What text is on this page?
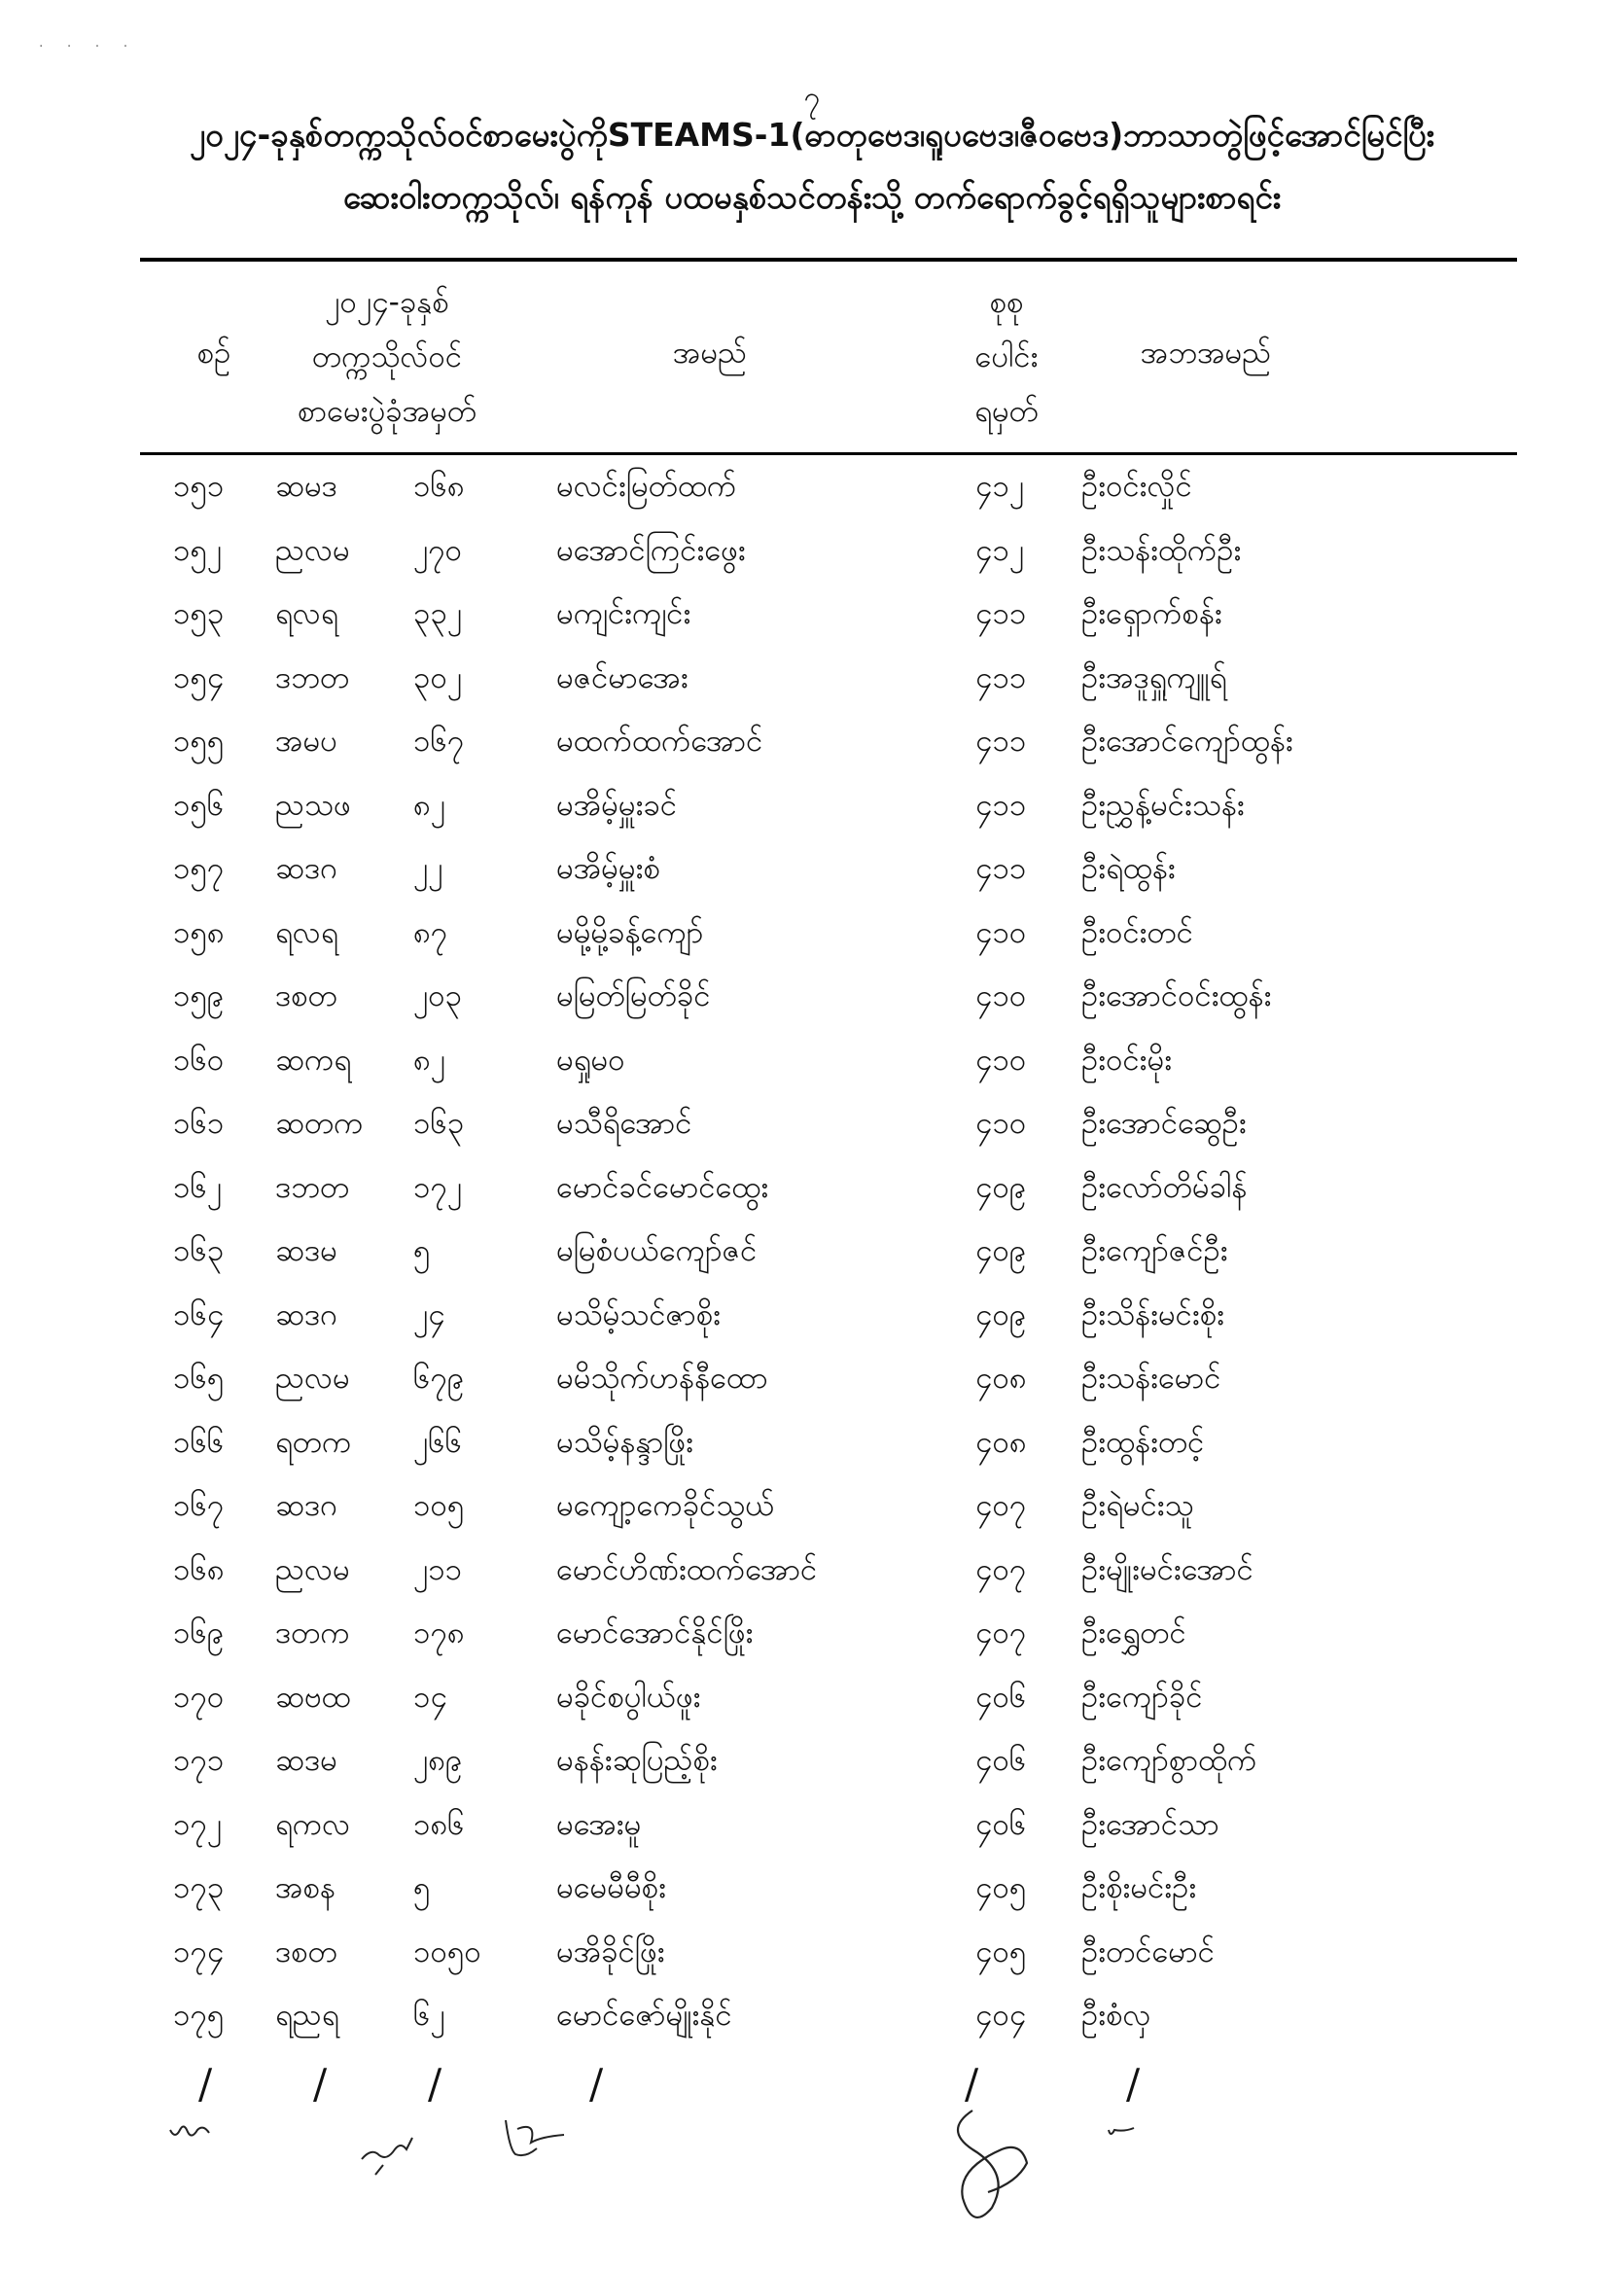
· · · ·
၇
၂၀၂၄-ခုနှစ်တက္ကသိုလ်ဝင်စာမေးပွဲကိုSTEAMS-1(ဓာတုဗေဒ၊ရူပဗေဒ၊ဇီဝဗေဒ)ဘာသာတွဲဖြင့်အောင်မြင်ပြီး
ဆေးဝါးတက္ကသိုလ်၊ ရန်ကုန် ပထမနှစ်သင်တန်းသို့ တက်ရောက်ခွင့်ရရှိသူများစာရင်း
စဉ်
၂၀၂၄-ခုနှစ်
တက္ကသိုလ်ဝင်
စာမေးပွဲခုံအမှတ်
အမည်
စုစု
ပေါင်း
ရမှတ်
အဘအမည်
၁၅၁ ဆမဒ	၁၆၈	မလင်းမြတ်ထက်	၄၁၂ ဦးဝင်းလှိုင်
၁၅၂ ညလမ ၂၇၀	မအောင်ကြင်းဖွေး	၄၁၂ ဦးသန်းထိုက်ဦး
၁၅၃ ရလရ ၃၃၂	မကျင်းကျင်း	၄၁၁ ဦးရှောက်စန်း
၁၅၄ ဒဘတ ၃၀၂	မဇင်မာအေး	၄၁၁ ဦးအဒူရှူကျူရ်
၁၅၅ အမပ	၁၆၇	မထက်ထက်အောင်	၄၁၁ ဦးအောင်ကျော်ထွန်း
၁၅၆ ညသဖ ၈၂	မအိမ့်မှူးခင်	၄၁၁ ဦးညွှန့်မင်းသန်း
၁၅၇ ဆဒဂ	၂၂	မအိမ့်မှူးစံ	၄၁၁ ဦးရဲထွန်း
၁၅၈ ရလရ ၈၇	မမို့မို့ခန့်ကျော်	၄၁၀ ဦးဝင်းတင်
၁၅၉ ဒစတ	၂၀၃	မမြတ်မြတ်ခိုင်	၄၁၀ ဦးအောင်ဝင်းထွန်း
၁၆၀ ဆကရ ၈၂	မရှုမဝ	၄၁၀ ဦးဝင်းမိုး
၁၆၁ ဆတက ၁၆၃	မသီရိအောင်	၄၁၀ ဦးအောင်ဆွေဦး
၁၆၂ ဒဘတ ၁၇၂	မောင်ခင်မောင်ထွေး	၄၀၉ ဦးလော်တိမ်ခါန်
၁၆၃ ဆဒမ	၅	မမြစံပယ်ကျော်ဇင်	၄၀၉ ဦးကျော်ဇင်ဦး
၁၆၄ ဆဒဂ	၂၄	မသိမ့်သင်ဇာစိုး	၄၀၉ ဦးသိန်းမင်းစိုး
၁၆၅ ညလမ ၆၇၉	မမိသိုက်ဟန်နီထော	၄၀၈ ဦးသန်းမောင်
၁၆၆ ရတက ၂၆၆	မသိမ့်နန္ဒာဖြိုး	၄၀၈ ဦးထွန်းတင့်
၁၆၇ ဆဒဂ	၁၀၅	မကျော့ကေခိုင်သွယ်	၄၀၇ ဦးရဲမင်းသူ
၁၆၈ ညလမ ၂၁၁	မောင်ဟိဏ်းထက်အောင်	၄၀၇ ဦးမျိုးမင်းအောင်
၁၆၉ ဒတက ၁၇၈	မောင်အောင်နိုင်ဖြိုး	၄၀၇ ဦးရွှေတင်
၁၇၀ ဆဗထ ၁၄	မခိုင်စပွါယ်ဖူး	၄၀၆ ဦးကျော်ခိုင်
၁၇၁ ဆဒမ	၂၈၉	မနန်းဆုပြည့်စိုး	၄၀၆ ဦးကျော်စွာထိုက်
၁၇၂ ရကလ ၁၈၆	မအေးမူ	၄၀၆ ဦးအောင်သာ
၁၇၃ အစန	၅	မမေမီမီစိုး	၄၀၅ ဦးစိုးမင်းဦး
၁၇၄ ဒစတ	၁၀၅၀ မအိခိုင်ဖြိုး	၄၀၅ ဦးတင်မောင်
၁၇၅ ရညရ ၆၂	မောင်ဇော်မျိုးနိုင်	၄၀၄ ဦးစံလှ
/ / /	/	/	/
